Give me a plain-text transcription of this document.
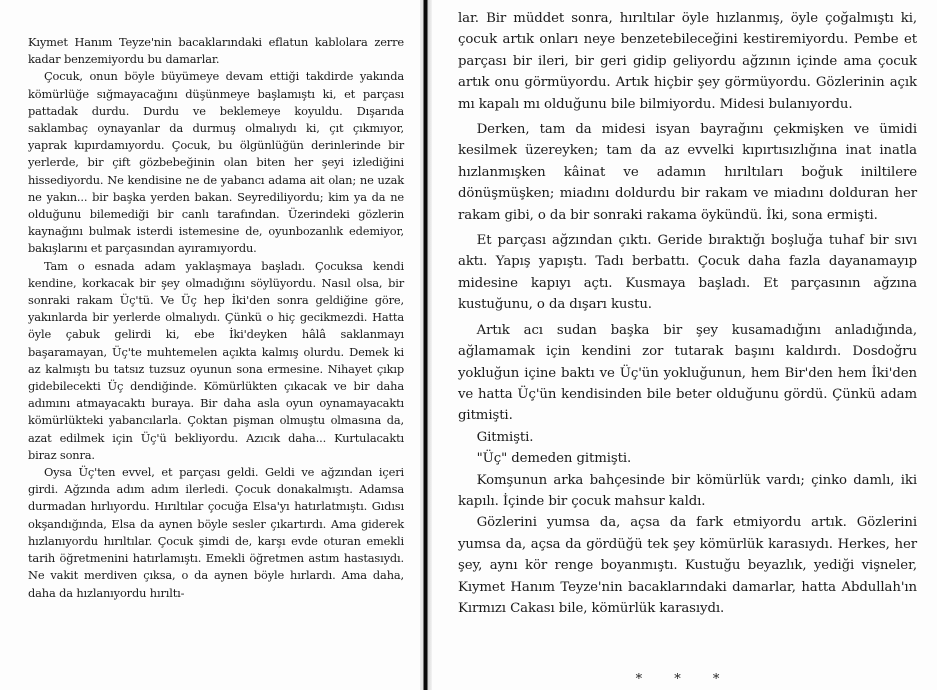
Kıymet Hanım Teyze'nin bacaklarındaki eflatun kablolara zerre kadar benzemiyordu bu damarlar.

Çocuk, onun böyle büyümeye devam ettiği takdirde yakında kömürlüğe sığmayacağını düşünmeye başlamıştı ki, et parçası pattadak durdu. Durdu ve beklemeye koyuldu. Dışarıda saklambaç oynayanlar da durmuş olmalıydı ki, çıt çıkmıyor, yaprak kıpırdamıyordu. Çocuk, bu ölgünlüğün derinlerinde bir yerlerde, bir çift gözbebeğinin olan biten her şeyi izlediğini hissediyordu. Ne kendisine ne de yabancı adama ait olan; ne uzak ne yakın... bir başka yerden bakan. Seyrediliyordu; kim ya da ne olduğunu bilemediği bir canlı tarafından. Üzerindeki gözlerin kaynağını bulmak isterdi istemesine de, oyunbozanlık edemiyor, bakışlarını et parçasından ayıramıyordu.

Tam o esnada adam yaklaşmaya başladı. Çocuksa kendi kendine, korkacak bir şey olmadığını söylüyordu. Nasıl olsa, bir sonraki rakam Üç'tü. Ve Üç hep İki'den sonra geldiğine göre, yakınlarda bir yerlerde olmalıydı. Çünkü o hiç gecikmezdi. Hatta öyle çabuk gelirdi ki, ebe İki'deyken hâlâ saklanmayı başaramayan, Üç'te muhtemelen açıkta kalmış olurdu. Demek ki az kalmıştı bu tatsız tuzsuz oyunun sona ermesine. Nihayet çıkıp gidebilecekti Üç dendiğinde. Kömürlükten çıkacak ve bir daha adımını atmayacaktı buraya. Bir daha asla oyun oynamayacaktı kömürlükteki yabancılarla. Çoktan pişman olmuştu olmasına da, azat edilmek için Üç'ü bekliyordu. Azıcık daha... Kurtulacaktı biraz sonra.

Oysa Üç'ten evvel, et parçası geldi. Geldi ve ağzından içeri girdi. Ağzında adım adım ilerledi. Çocuk donakalmıştı. Adamsa durmadan hırlıyordu. Hırıltılar çocuğa Elsa'yı hatırlatmıştı. Gıdısı okşandığında, Elsa da aynen böyle sesler çıkartırdı. Ama giderek hızlanıyordu hırıltılar. Çocuk şimdi de, karşı evde oturan emekli tarih öğretmenini hatırlamıştı. Emekli öğretmen astım hastasıydı. Ne vakit merdiven çıksa, o da aynen böyle hırlardı. Ama daha, daha da hızlanıyordu hırıltı-

lar. Bir müddet sonra, hırıltılar öyle hızlanmış, öyle çoğalmıştı ki, çocuk artık onları neye benzetebileceğini kestiremiyordu. Pembe et parçası bir ileri, bir geri gidip geliyordu ağzının içinde ama çocuk artık onu görmüyordu. Artık hiçbir şey görmüyordu. Gözlerinin açık mı kapalı mı olduğunu bile bilmiyordu. Midesi bulanıyordu.

Derken, tam da midesi isyan bayrağını çekmişken ve ümidi kesilmek üzereyken; tam da az evvelki kıpırtısızlığına inat inatla hızlanmışken kâinat ve adamın hırıltıları boğuk iniltilere dönüşmüşken; miadını doldurdu bir rakam ve miadını dolduran her rakam gibi, o da bir sonraki rakama öykündü. İki, sona ermişti.

Et parçası ağzından çıktı. Geride bıraktığı boşluğa tuhaf bir sıvı aktı. Yapış yapıştı. Tadı berbattı. Çocuk daha fazla dayanamayıp midesine kapıyı açtı. Kusmaya başladı. Et parçasının ağzına kustuğunu, o da dışarı kustu.

Artık acı sudan başka bir şey kusamadığını anladığında, ağlamamak için kendini zor tutarak başını kaldırdı. Dosdoğru yokluğun içine baktı ve Üç'ün yokluğunun, hem Bir'den hem İki'den ve hatta Üç'ün kendisinden bile beter olduğunu gördü. Çünkü adam gitmişti.

Gitmişti.

"Üç" demeden gitmişti.

Komşunun arka bahçesinde bir kömürlük vardı; çinko damlı, iki kapılı. İçinde bir çocuk mahsur kaldı.

Gözlerini yumsa da, açsa da fark etmiyordu artık. Gözlerini yumsa da, açsa da gördüğü tek şey kömürlük karasıydı. Herkes, her şey, aynı kör renge boyanmıştı. Kustuğu beyazlık, yediği vişneler, Kıymet Hanım Teyze'nin bacaklarındaki damarlar, hatta Abdullah'ın Kırmızı Cakası bile, kömürlük karasıydı.

* * *
